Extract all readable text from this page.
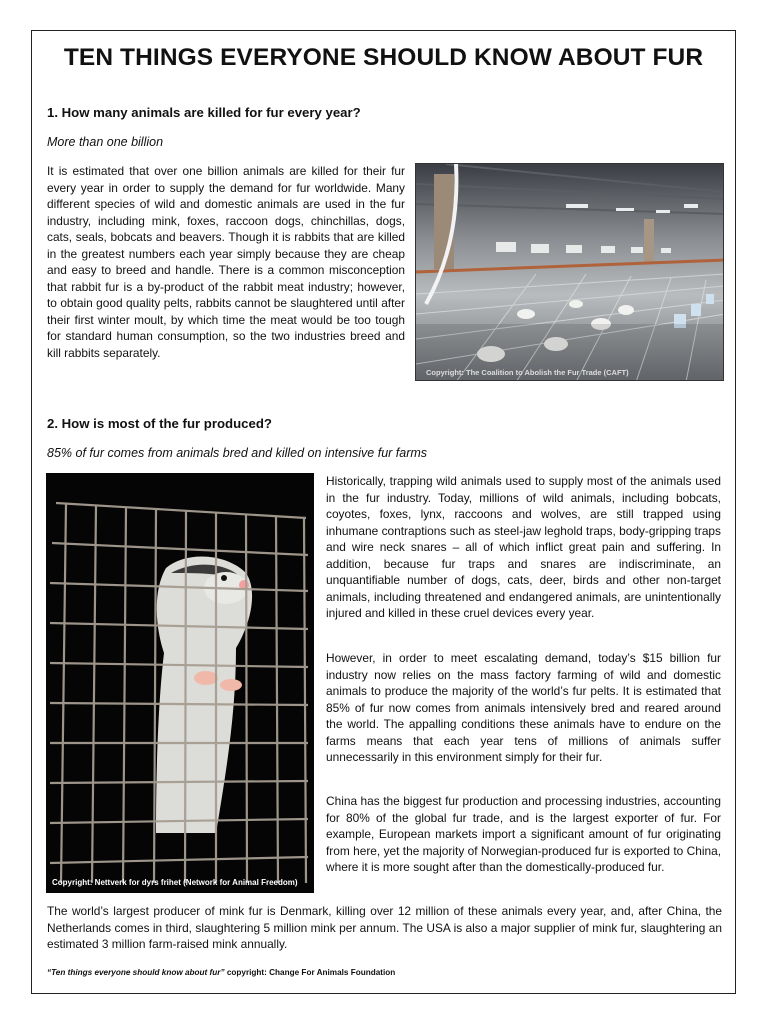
TEN THINGS EVERYONE SHOULD KNOW ABOUT FUR
1. How many animals are killed for fur every year?
More than one billion

It is estimated that over one billion animals are killed for their fur every year in order to supply the demand for fur worldwide. Many different species of wild and domestic animals are used in the fur industry, including mink, foxes, raccoon dogs, chinchillas, dogs, cats, seals, bobcats and beavers. Though it is rabbits that are killed in the greatest numbers each year simply because they are cheap and easy to breed and handle. There is a common misconception that rabbit fur is a by-product of the rabbit meat industry; however, to obtain good quality pelts, rabbits cannot be slaughtered until after their first winter moult, by which time the meat would be too tough for standard human consumption, so the two industries breed and kill rabbits separately.

Copyright: The Coalition to Abolish the Fur Trade (CAFT)
2. How is most of the fur produced?
85% of fur comes from animals bred and killed on intensive fur farms
Copyright: Nettverk for dyrs frihet (Network for Animal Freedom)

Historically, trapping wild animals used to supply most of the animals used in the fur industry. Today, millions of wild animals, including bobcats, coyotes, foxes, lynx, raccoons and wolves, are still trapped using inhumane contraptions such as steel-jaw leghold traps, body-gripping traps and wire neck snares – all of which inflict great pain and suffering. In addition, because fur traps and snares are indiscriminate, an unquantifiable number of dogs, cats, deer, birds and other non-target animals, including threatened and endangered animals, are unintentionally injured and killed in these cruel devices every year.

However, in order to meet escalating demand, today’s $15 billion fur industry now relies on the mass factory farming of wild and domestic animals to produce the majority of the world’s fur pelts. It is estimated that 85% of fur now comes from animals intensively bred and reared around the world. The appalling conditions these animals have to endure on the farms means that each year tens of millions of animals suffer unnecessarily in this environment simply for their fur.

China has the biggest fur production and processing industries, accounting for 80% of the global fur trade, and is the largest exporter of fur. For example, European markets import a significant amount of fur originating from here, yet the majority of Norwegian-produced fur is exported to China, where it is more sought after than the domestically-produced fur.

The world’s largest producer of mink fur is Denmark, killing over 12 million of these animals every year, and, after China, the Netherlands comes in third, slaughtering 5 million mink per annum. The USA is also a major supplier of mink fur, slaughtering an estimated 3 million farm-raised mink annually.

“Ten things everyone should know about fur” copyright: Change For Animals Foundation
